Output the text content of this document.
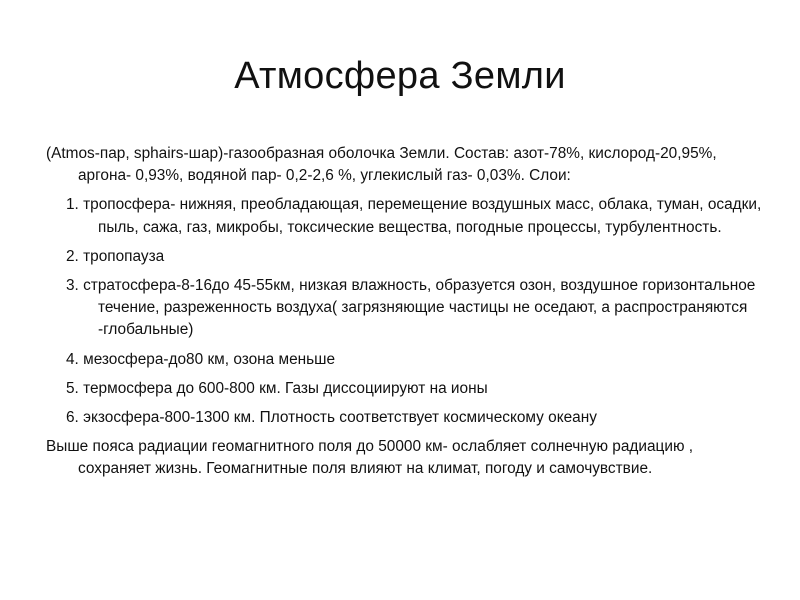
Атмосфера Земли

(Atmos-пар, sphairs-шар)-газообразная оболочка Земли. Состав: азот-78%, кислород-20,95%, аргона- 0,93%, водяной пар- 0,2-2,6 %, углекислый газ- 0,03%. Слои:

1. тропосфера- нижняя, преобладающая, перемещение воздушных масс, облака, туман, осадки, пыль, сажа, газ, микробы, токсические вещества, погодные процессы, турбулентность.

2. тропопауза

3. стратосфера-8-16до 45-55км, низкая влажность, образуется озон, воздушное горизонтальное течение, разреженность воздуха( загрязняющие частицы не оседают, а распространяются -глобальные)

4. мезосфера-до80 км, озона меньше

5. термосфера до 600-800 км. Газы диссоциируют на ионы

6. экзосфера-800-1300 км. Плотность соответствует космическому океану

Выше пояса радиации геомагнитного поля до 50000 км- ослабляет солнечную радиацию , сохраняет жизнь. Геомагнитные поля влияют на климат, погоду и самочувствие.
